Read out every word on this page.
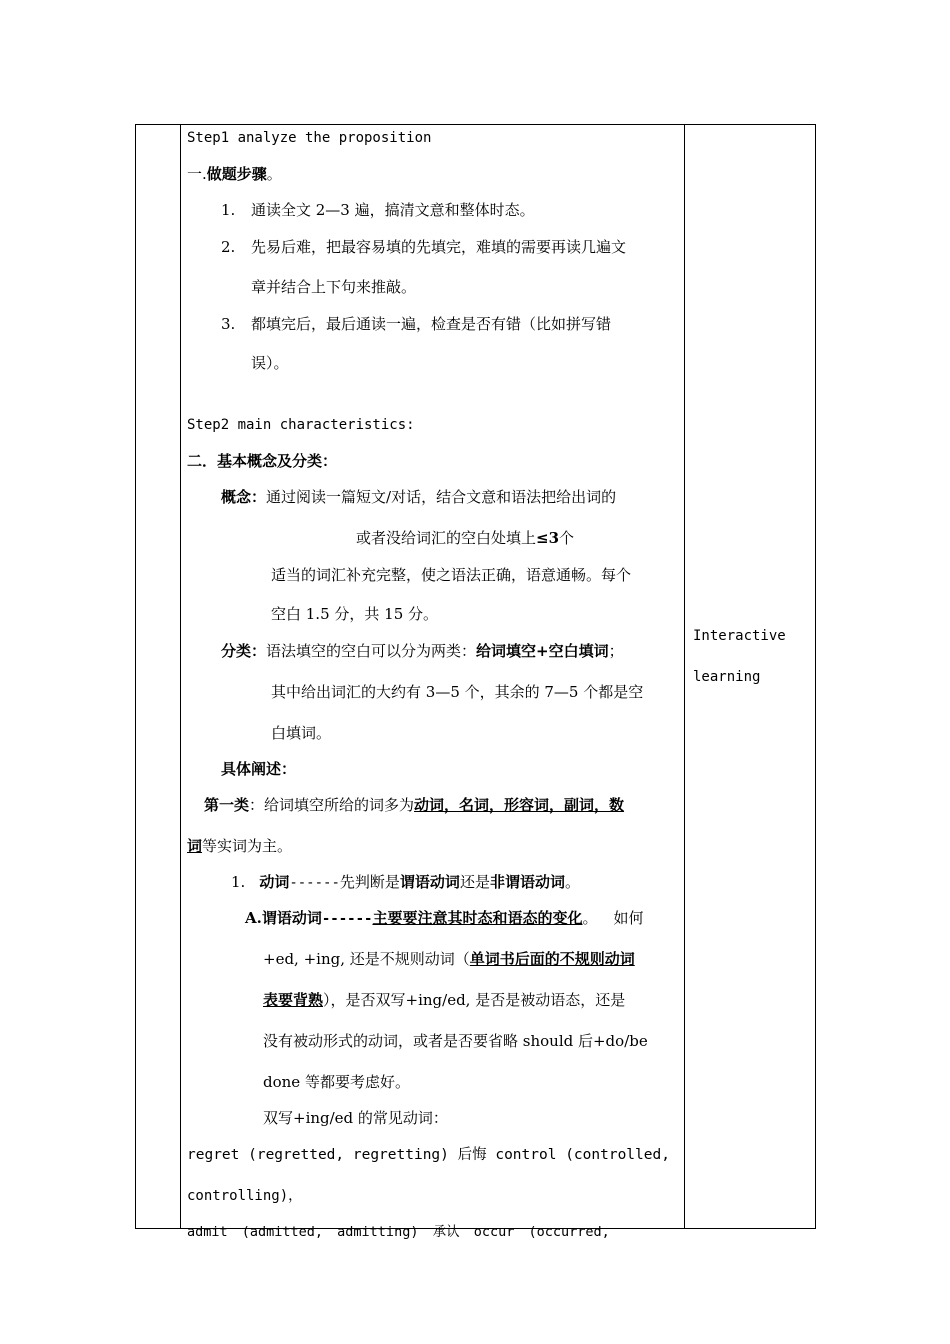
Step1 analyze the proposition
一.做题步骤。
1. 通读全文 2—3 遍，搞清文意和整体时态。
2. 先易后难，把最容易填的先填完，难填的需要再读几遍文
章并结合上下句来推敲。
3. 都填完后，最后通读一遍，检查是否有错（比如拼写错
误）。
Step2 main characteristics:
二．基本概念及分类：
概念：通过阅读一篇短文/对话，结合文意和语法把给出词的
或者没给词汇的空白处填上≤3个
适当的词汇补充完整，使之语法正确，语意通畅。每个
空白 1.5 分，共 15 分。
分类：语法填空的空白可以分为两类：给词填空+空白填词；
其中给出词汇的大约有 3—5 个，其余的 7—5 个都是空
白填词。
具体阐述：
第一类：给词填空所给的词多为动词，名词，形容词，副词，数
词等实词为主。
1. 动词------先判断是谓语动词还是非谓语动词。
A.谓语动词------主要要注意其时态和语态的变化。 如何
+ed, +ing, 还是不规则动词（单词书后面的不规则动词
表要背熟），是否双写+ing/ed, 是否是被动语态，还是
没有被动形式的动词，或者是否要省略 should 后+do/be
done 等都要考虑好。
双写+ing/ed 的常见动词：
regret (regretted, regretting) 后悔 control (controlled,
controlling)，
admit (admitted, admitting) 承认 occur (occurred,
Interactive
learning
